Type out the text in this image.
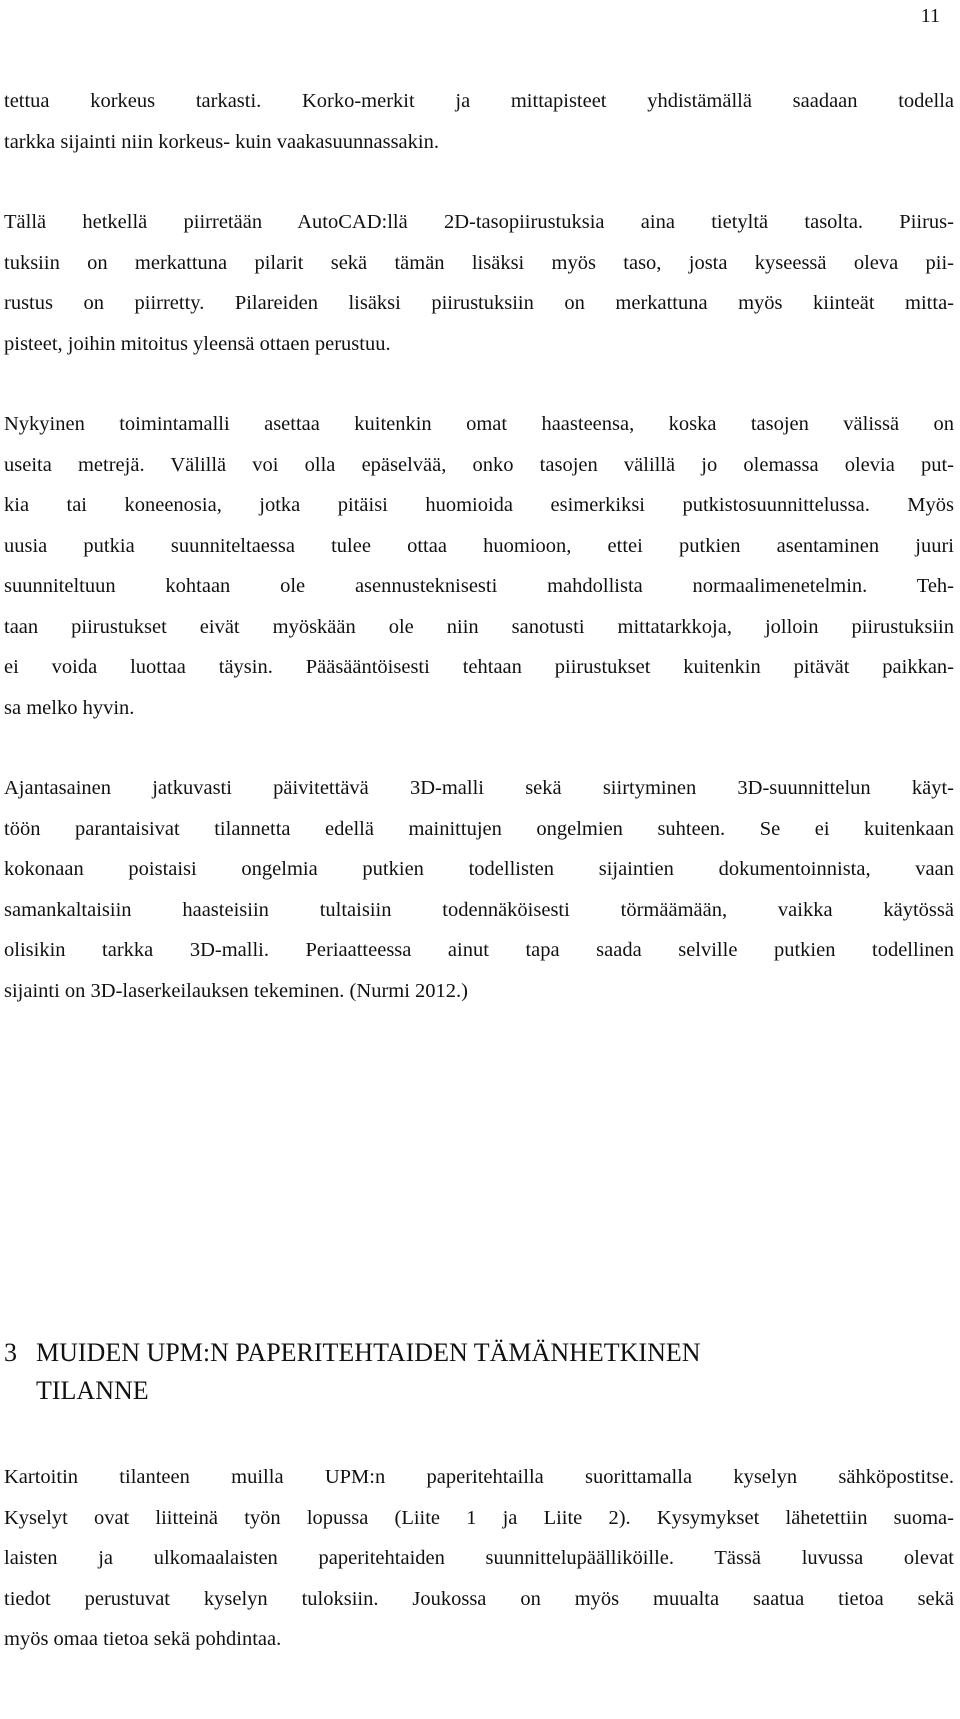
11

tettua korkeus tarkasti. Korko-merkit ja mittapisteet yhdistämällä saadaan todella
tarkka sijainti niin korkeus- kuin vaakasuunnassakin.

Tällä hetkellä piirretään AutoCAD:llä 2D-tasopiirustuksia aina tietyltä tasolta. Piirus-
tuksiin on merkattuna pilarit sekä tämän lisäksi myös taso, josta kyseessä oleva pii-
rustus on piirretty. Pilareiden lisäksi piirustuksiin on merkattuna myös kiinteät mitta-
pisteet, joihin mitoitus yleensä ottaen perustuu.

Nykyinen toimintamalli asettaa kuitenkin omat haasteensa, koska tasojen välissä on
useita metrejä. Välillä voi olla epäselvää, onko tasojen välillä jo olemassa olevia put-
kia tai koneenosia, jotka pitäisi huomioida esimerkiksi putkistosuunnittelussa. Myös
uusia putkia suunniteltaessa tulee ottaa huomioon, ettei putkien asentaminen juuri
suunniteltuun kohtaan ole asennusteknisesti mahdollista normaalimenetelmin. Teh-
taan piirustukset eivät myöskään ole niin sanotusti mittatarkkoja, jolloin piirustuksiin
ei voida luottaa täysin. Pääsääntöisesti tehtaan piirustukset kuitenkin pitävät paikkan-
sa melko hyvin.

Ajantasainen jatkuvasti päivitettävä 3D-malli sekä siirtyminen 3D-suunnittelun käyt-
töön parantaisivat tilannetta edellä mainittujen ongelmien suhteen. Se ei kuitenkaan
kokonaan poistaisi ongelmia putkien todellisten sijaintien dokumentoinnista, vaan
samankaltaisiin haasteisiin tultaisiin todennäköisesti törmäämään, vaikka käytössä
olisikin tarkka 3D-malli. Periaatteessa ainut tapa saada selville putkien todellinen
sijainti on 3D-laserkeilauksen tekeminen. (Nurmi 2012.)

3 MUIDEN UPM:N PAPERITEHTAIDEN TÄMÄNHETKINEN
TILANNE

Kartoitin tilanteen muilla UPM:n paperitehtailla suorittamalla kyselyn sähköpostitse.
Kyselyt ovat liitteinä työn lopussa (Liite 1 ja Liite 2). Kysymykset lähetettiin suoma-
laisten ja ulkomaalaisten paperitehtaiden suunnittelupäälliköille. Tässä luvussa olevat
tiedot perustuvat kyselyn tuloksiin. Joukossa on myös muualta saatua tietoa sekä
myös omaa tietoa sekä pohdintaa.
